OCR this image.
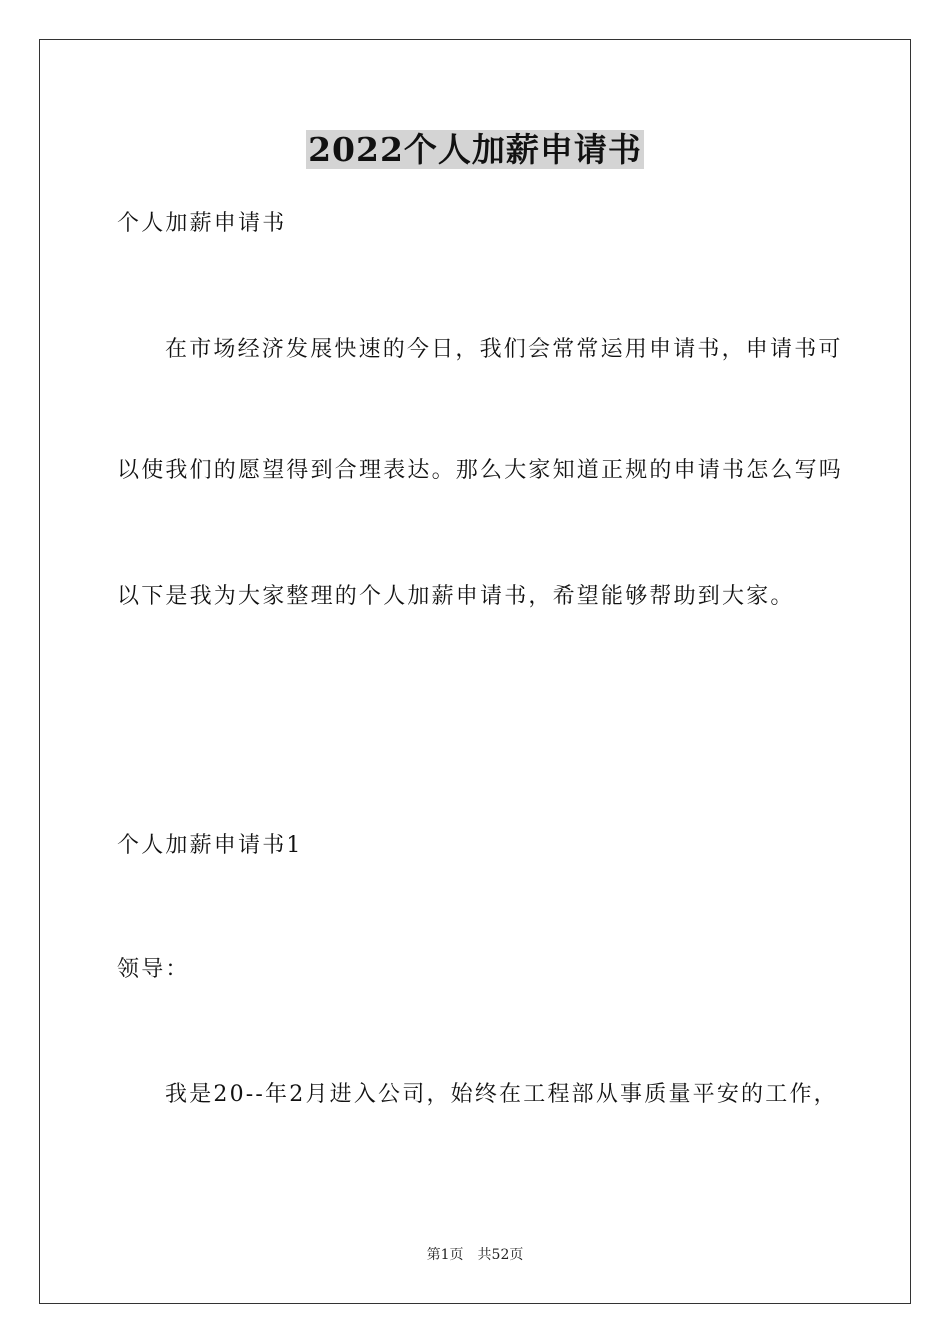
2022个人加薪申请书
个人加薪申请书
在市场经济发展快速的今日，我们会常常运用申请书，申请书可
以使我们的愿望得到合理表达。那么大家知道正规的申请书怎么写吗
以下是我为大家整理的个人加薪申请书，希望能够帮助到大家。
个人加薪申请书1
领导：
我是20--年2月进入公司，始终在工程部从事质量平安的工作，
第1页 共52页
